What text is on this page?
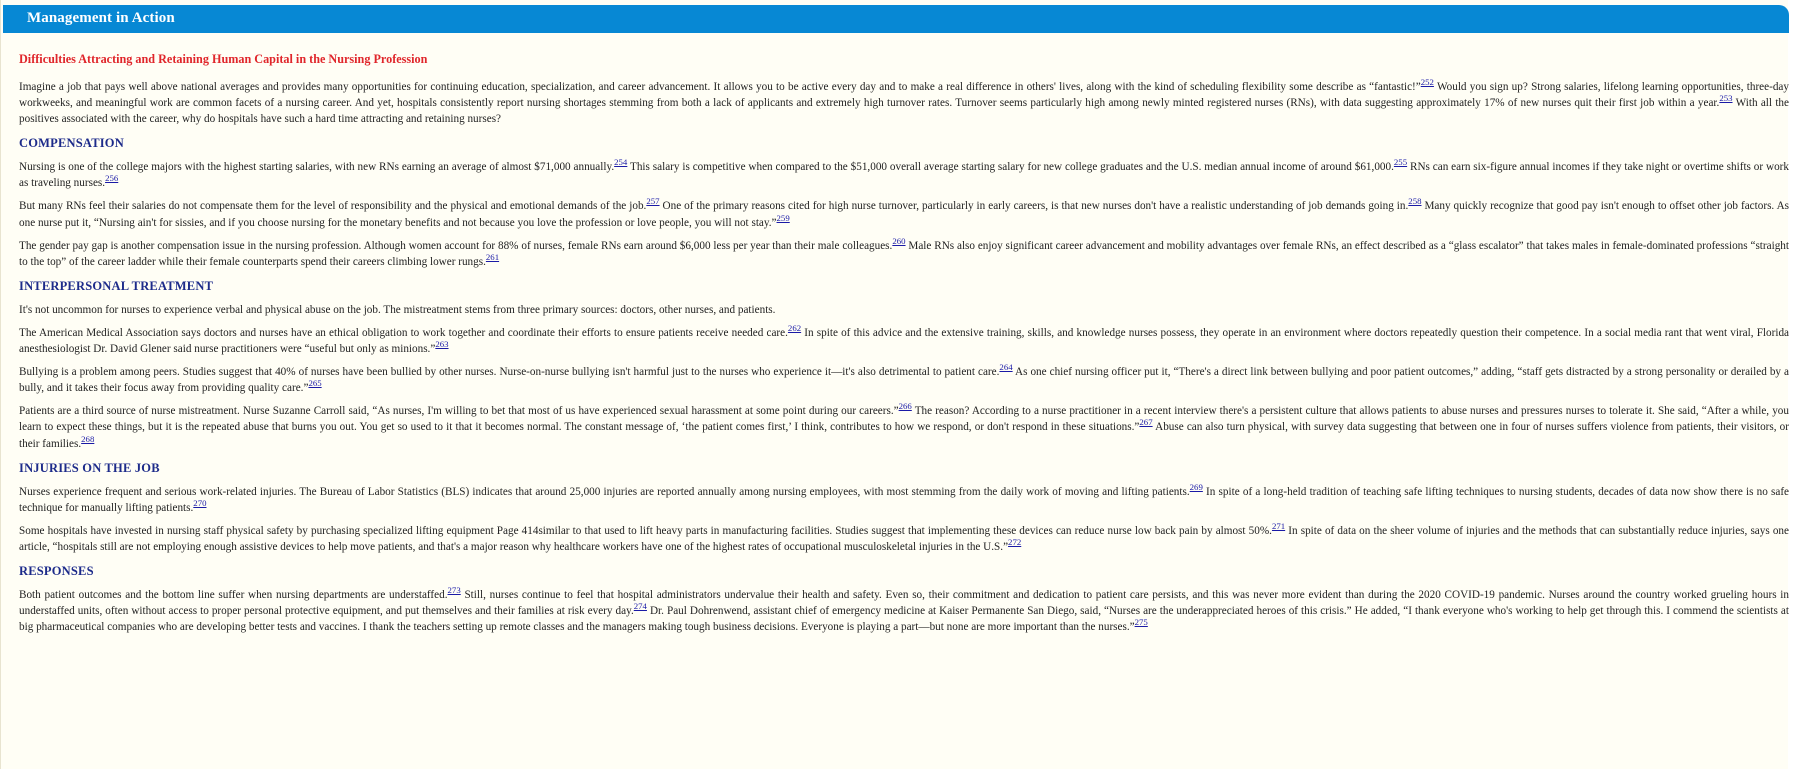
Management in Action
Difficulties Attracting and Retaining Human Capital in the Nursing Profession

Imagine a job that pays well above national averages and provides many opportunities for continuing education, specialization, and career advancement. It allows you to be active every day and to make a real difference in others' lives, along with the kind of scheduling flexibility some describe as “fantastic!”$^{252}$ Would you sign up? Strong salaries, lifelong learning opportunities, three-day workweeks, and meaningful work are common facets of a nursing career. And yet, hospitals consistently report nursing shortages stemming from both a lack of applicants and extremely high turnover rates. Turnover seems particularly high among newly minted registered nurses (RNs), with data suggesting approximately 17% of new nurses quit their first job within a year.$^{253}$ With all the positives associated with the career, why do hospitals have such a hard time attracting and retaining nurses?

COMPENSATION

Nursing is one of the college majors with the highest starting salaries, with new RNs earning an average of almost $71,000 annually.$^{254}$ This salary is competitive when compared to the $51,000 overall average starting salary for new college graduates and the U.S. median annual income of around $61,000.$^{255}$ RNs can earn six-figure annual incomes if they take night or overtime shifts or work as traveling nurses.$^{256}$

But many RNs feel their salaries do not compensate them for the level of responsibility and the physical and emotional demands of the job.$^{257}$ One of the primary reasons cited for high nurse turnover, particularly in early careers, is that new nurses don't have a realistic understanding of job demands going in.$^{258}$ Many quickly recognize that good pay isn't enough to offset other job factors. As one nurse put it, “Nursing ain't for sissies, and if you choose nursing for the monetary benefits and not because you love the profession or love people, you will not stay.”$^{259}$

The gender pay gap is another compensation issue in the nursing profession. Although women account for 88% of nurses, female RNs earn around $6,000 less per year than their male colleagues.$^{260}$ Male RNs also enjoy significant career advancement and mobility advantages over female RNs, an effect described as a “glass escalator” that takes males in female-dominated professions “straight to the top” of the career ladder while their female counterparts spend their careers climbing lower rungs.$^{261}$

INTERPERSONAL TREATMENT

It's not uncommon for nurses to experience verbal and physical abuse on the job. The mistreatment stems from three primary sources: doctors, other nurses, and patients.

The American Medical Association says doctors and nurses have an ethical obligation to work together and coordinate their efforts to ensure patients receive needed care.$^{262}$ In spite of this advice and the extensive training, skills, and knowledge nurses possess, they operate in an environment where doctors repeatedly question their competence. In a social media rant that went viral, Florida anesthesiologist Dr. David Glener said nurse practitioners were “useful but only as minions.”$^{263}$

Bullying is a problem among peers. Studies suggest that 40% of nurses have been bullied by other nurses. Nurse-on-nurse bullying isn't harmful just to the nurses who experience it—it's also detrimental to patient care.$^{264}$ As one chief nursing officer put it, “There's a direct link between bullying and poor patient outcomes,” adding, “staff gets distracted by a strong personality or derailed by a bully, and it takes their focus away from providing quality care.”$^{265}$

Patients are a third source of nurse mistreatment. Nurse Suzanne Carroll said, “As nurses, I'm willing to bet that most of us have experienced sexual harassment at some point during our careers.”$^{266}$ The reason? According to a nurse practitioner in a recent interview there's a persistent culture that allows patients to abuse nurses and pressures nurses to tolerate it. She said, “After a while, you learn to expect these things, but it is the repeated abuse that burns you out. You get so used to it that it becomes normal. The constant message of, ‘the patient comes first,’ I think, contributes to how we respond, or don't respond in these situations.”$^{267}$ Abuse can also turn physical, with survey data suggesting that between one in four of nurses suffers violence from patients, their visitors, or their families.$^{268}$

INJURIES ON THE JOB

Nurses experience frequent and serious work-related injuries. The Bureau of Labor Statistics (BLS) indicates that around 25,000 injuries are reported annually among nursing employees, with most stemming from the daily work of moving and lifting patients.$^{269}$ In spite of a long-held tradition of teaching safe lifting techniques to nursing students, decades of data now show there is no safe technique for manually lifting patients.$^{270}$

Some hospitals have invested in nursing staff physical safety by purchasing specialized lifting equipment Page 414similar to that used to lift heavy parts in manufacturing facilities. Studies suggest that implementing these devices can reduce nurse low back pain by almost 50%.$^{271}$ In spite of data on the sheer volume of injuries and the methods that can substantially reduce injuries, says one article, “hospitals still are not employing enough assistive devices to help move patients, and that's a major reason why healthcare workers have one of the highest rates of occupational musculoskeletal injuries in the U.S.”$^{272}$

RESPONSES

Both patient outcomes and the bottom line suffer when nursing departments are understaffed.$^{273}$ Still, nurses continue to feel that hospital administrators undervalue their health and safety. Even so, their commitment and dedication to patient care persists, and this was never more evident than during the 2020 COVID-19 pandemic. Nurses around the country worked grueling hours in understaffed units, often without access to proper personal protective equipment, and put themselves and their families at risk every day.$^{274}$ Dr. Paul Dohrenwend, assistant chief of emergency medicine at Kaiser Permanente San Diego, said, “Nurses are the underappreciated heroes of this crisis.” He added, “I thank everyone who's working to help get through this. I commend the scientists at big pharmaceutical companies who are developing better tests and vaccines. I thank the teachers setting up remote classes and the managers making tough business decisions. Everyone is playing a part—but none are more important than the nurses.”$^{275}$
